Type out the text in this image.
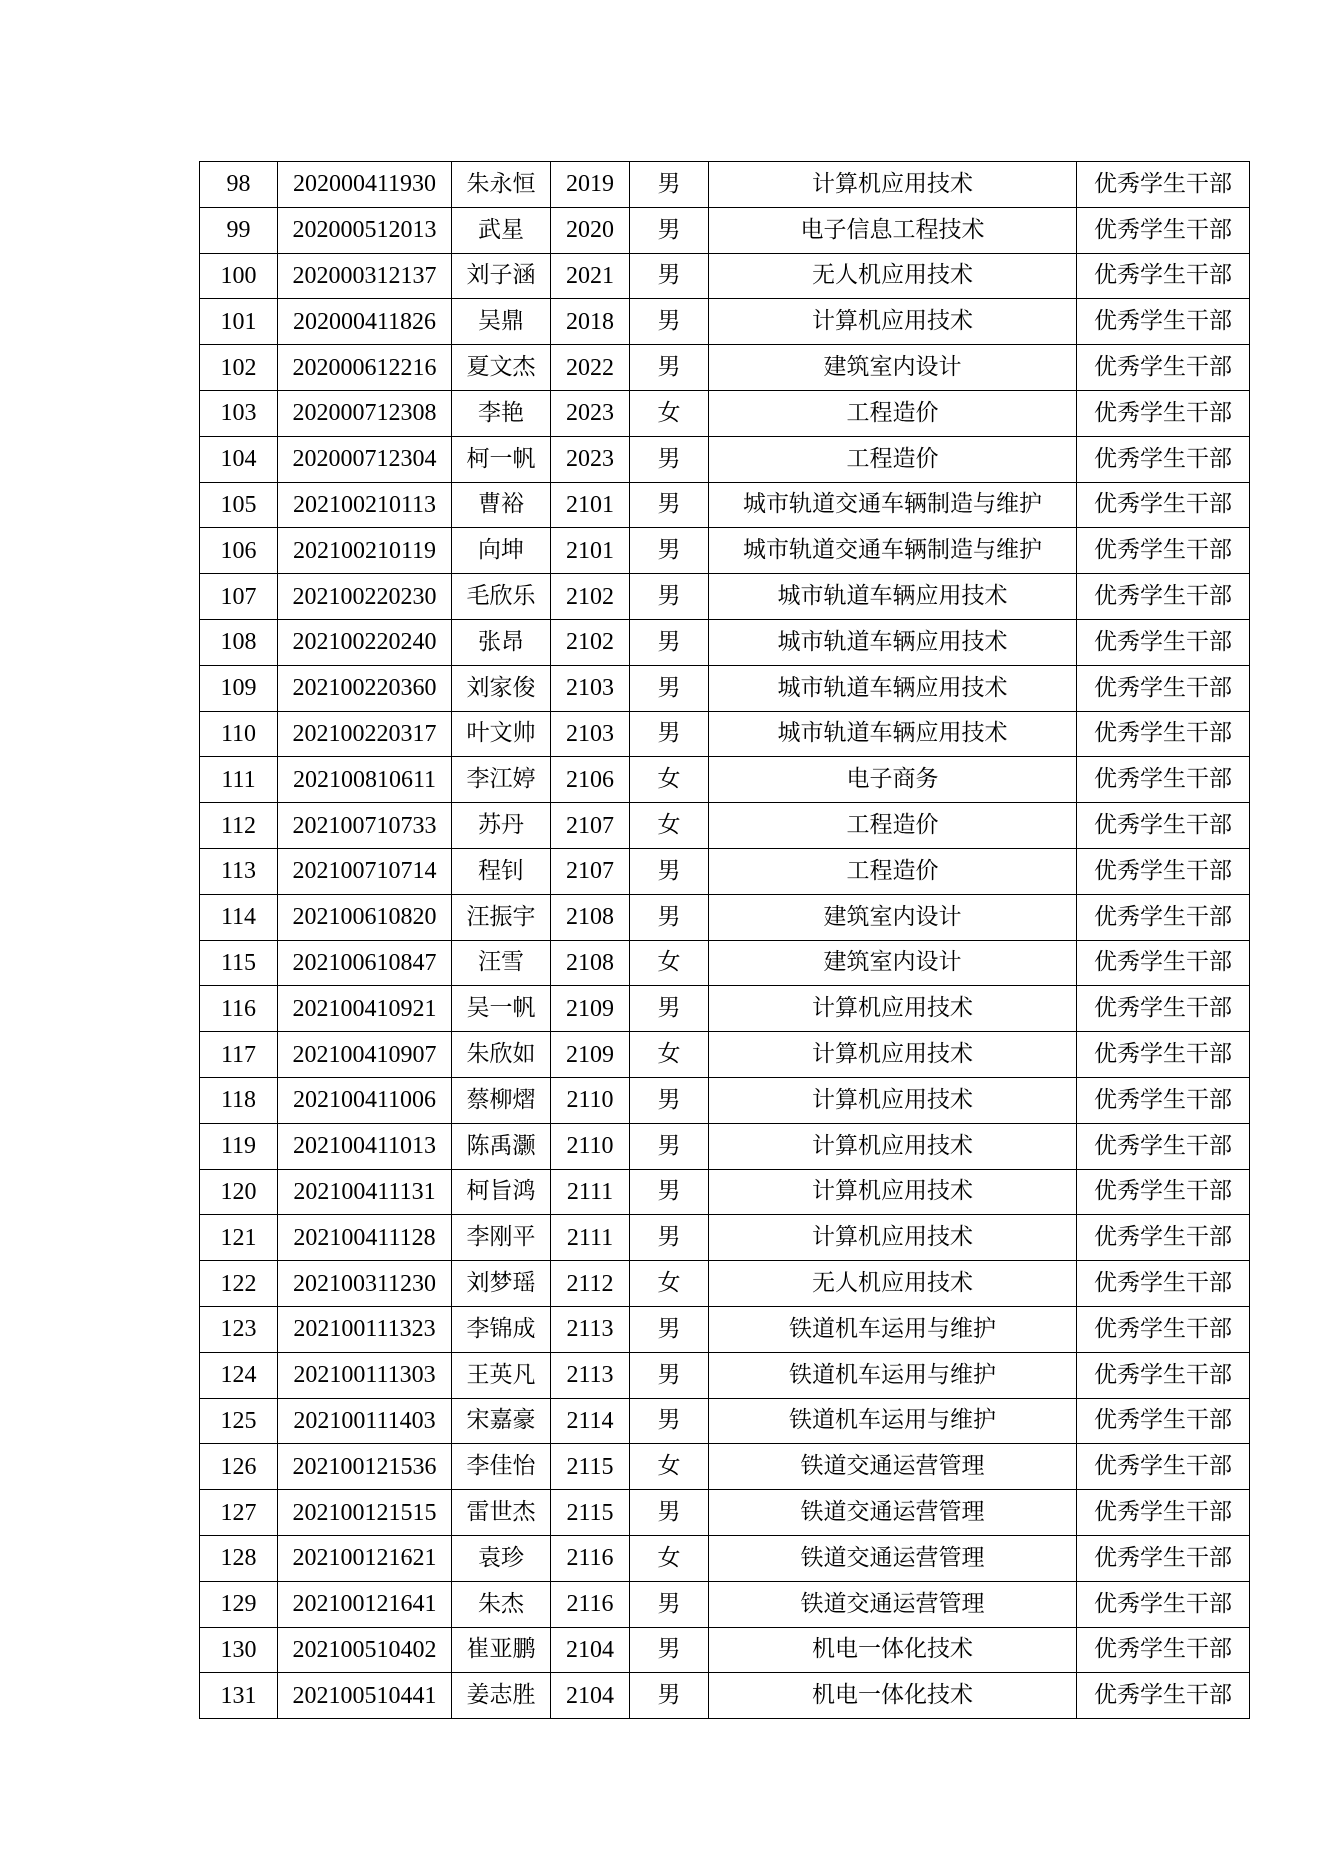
98	202000411930	朱永恒	2019	男	计算机应用技术	优秀学生干部
99	202000512013	武星	2020	男	电子信息工程技术	优秀学生干部
100	202000312137	刘子涵	2021	男	无人机应用技术	优秀学生干部
101	202000411826	吴鼎	2018	男	计算机应用技术	优秀学生干部
102	202000612216	夏文杰	2022	男	建筑室内设计	优秀学生干部
103	202000712308	李艳	2023	女	工程造价	优秀学生干部
104	202000712304	柯一帆	2023	男	工程造价	优秀学生干部
105	202100210113	曹裕	2101	男	城市轨道交通车辆制造与维护	优秀学生干部
106	202100210119	向坤	2101	男	城市轨道交通车辆制造与维护	优秀学生干部
107	202100220230	毛欣乐	2102	男	城市轨道车辆应用技术	优秀学生干部
108	202100220240	张昂	2102	男	城市轨道车辆应用技术	优秀学生干部
109	202100220360	刘家俊	2103	男	城市轨道车辆应用技术	优秀学生干部
110	202100220317	叶文帅	2103	男	城市轨道车辆应用技术	优秀学生干部
111	202100810611	李江婷	2106	女	电子商务	优秀学生干部
112	202100710733	苏丹	2107	女	工程造价	优秀学生干部
113	202100710714	程钊	2107	男	工程造价	优秀学生干部
114	202100610820	汪振宇	2108	男	建筑室内设计	优秀学生干部
115	202100610847	汪雪	2108	女	建筑室内设计	优秀学生干部
116	202100410921	吴一帆	2109	男	计算机应用技术	优秀学生干部
117	202100410907	朱欣如	2109	女	计算机应用技术	优秀学生干部
118	202100411006	蔡柳熠	2110	男	计算机应用技术	优秀学生干部
119	202100411013	陈禹灏	2110	男	计算机应用技术	优秀学生干部
120	202100411131	柯旨鸿	2111	男	计算机应用技术	优秀学生干部
121	202100411128	李刚平	2111	男	计算机应用技术	优秀学生干部
122	202100311230	刘梦瑶	2112	女	无人机应用技术	优秀学生干部
123	202100111323	李锦成	2113	男	铁道机车运用与维护	优秀学生干部
124	202100111303	王英凡	2113	男	铁道机车运用与维护	优秀学生干部
125	202100111403	宋嘉豪	2114	男	铁道机车运用与维护	优秀学生干部
126	202100121536	李佳怡	2115	女	铁道交通运营管理	优秀学生干部
127	202100121515	雷世杰	2115	男	铁道交通运营管理	优秀学生干部
128	202100121621	袁珍	2116	女	铁道交通运营管理	优秀学生干部
129	202100121641	朱杰	2116	男	铁道交通运营管理	优秀学生干部
130	202100510402	崔亚鹏	2104	男	机电一体化技术	优秀学生干部
131	202100510441	姜志胜	2104	男	机电一体化技术	优秀学生干部
